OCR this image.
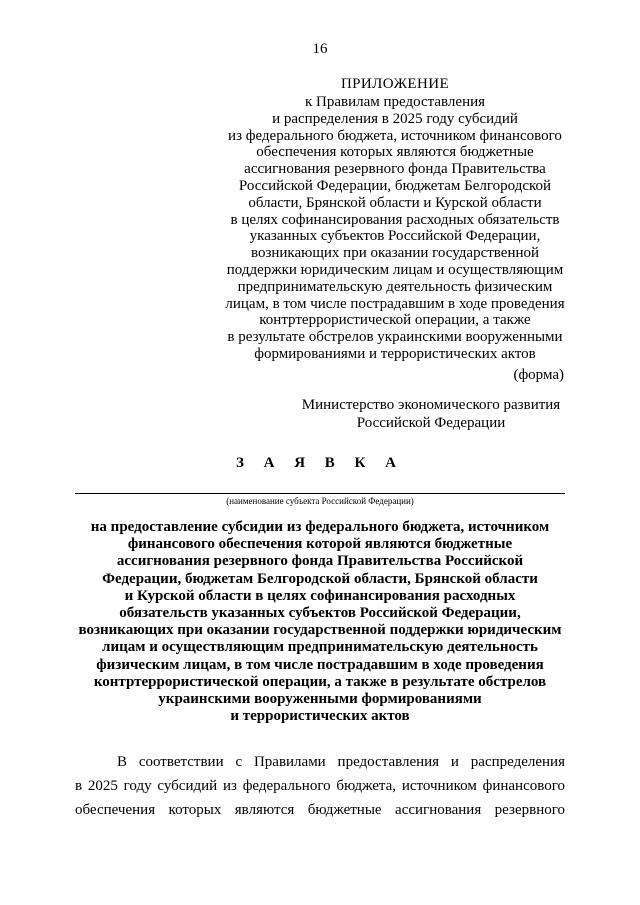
16
ПРИЛОЖЕНИЕ
к Правилам предоставления
и распределения в 2025 году субсидий
из федерального бюджета, источником финансового
обеспечения которых являются бюджетные
ассигнования резервного фонда Правительства
Российской Федерации, бюджетам Белгородской
области, Брянской области и Курской области
в целях софинансирования расходных обязательств
указанных субъектов Российской Федерации,
возникающих при оказании государственной
поддержки юридическим лицам и осуществляющим
предпринимательскую деятельность физическим
лицам, в том числе пострадавшим в ходе проведения
контртеррористической операции, а также
в результате обстрелов украинскими вооруженными
формированиями и террористических актов
(форма)
Министерство экономического развития
Российской Федерации
З А Я В К А
(наименование субъекта Российской Федерации)
на предоставление субсидии из федерального бюджета, источником
финансового обеспечения которой являются бюджетные
ассигнования резервного фонда Правительства Российской
Федерации, бюджетам Белгородской области, Брянской области
и Курской области в целях софинансирования расходных
обязательств указанных субъектов Российской Федерации,
возникающих при оказании государственной поддержки юридическим
лицам и осуществляющим предпринимательскую деятельность
физическим лицам, в том числе пострадавшим в ходе проведения
контртеррористической операции, а также в результате обстрелов
украинскими вооруженными формированиями
и террористических актов
В соответствии с Правилами предоставления и распределения
в 2025 году субсидий из федерального бюджета, источником финансового
обеспечения которых являются бюджетные ассигнования резервного
